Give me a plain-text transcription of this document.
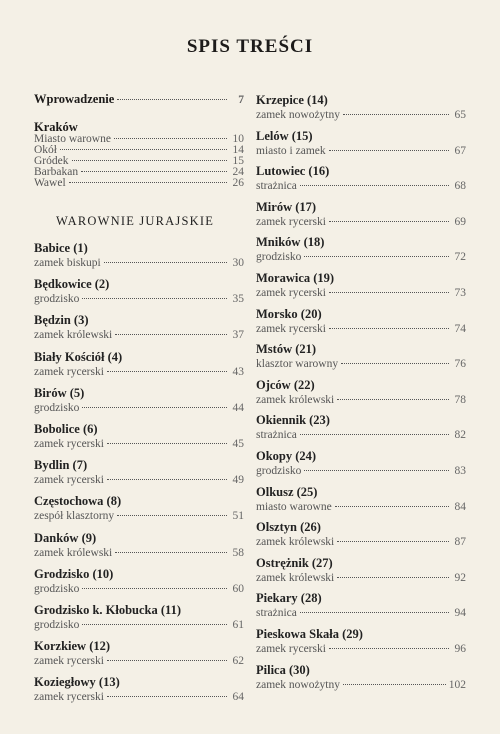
SPIS TREŚCI
Wprowadzenie	7
Kraków
Miasto warowne	10
Okół	14
Gródek	15
Barbakan	24
Wawel	26
WAROWNIE JURAJSKIE
Babice (1)
zamek biskupi	30
Będkowice (2)
grodzisko	35
Będzin (3)
zamek królewski	37
Biały Kościół (4)
zamek rycerski	43
Birów (5)
grodzisko	44
Bobolice (6)
zamek rycerski	45
Bydlin (7)
zamek rycerski	49
Częstochowa (8)
zespół klasztorny	51
Danków (9)
zamek królewski	58
Grodzisko (10)
grodzisko	60
Grodzisko k. Kłobucka (11)
grodzisko	61
Korzkiew (12)
zamek rycerski	62
Koziegłowy (13)
zamek rycerski	64
Krzepice (14)
zamek nowożytny	65
Lelów (15)
miasto i zamek	67
Lutowiec (16)
strażnica	68
Mirów (17)
zamek rycerski	69
Mników (18)
grodzisko	72
Morawica (19)
zamek rycerski	73
Morsko (20)
zamek rycerski	74
Mstów (21)
klasztor warowny	76
Ojców (22)
zamek królewski	78
Okiennik (23)
strażnica	82
Okopy (24)
grodzisko	83
Olkusz (25)
miasto warowne	84
Olsztyn (26)
zamek królewski	87
Ostrężnik (27)
zamek królewski	92
Piekary (28)
strażnica	94
Pieskowa Skała (29)
zamek rycerski	96
Pilica (30)
zamek nowożytny	102
